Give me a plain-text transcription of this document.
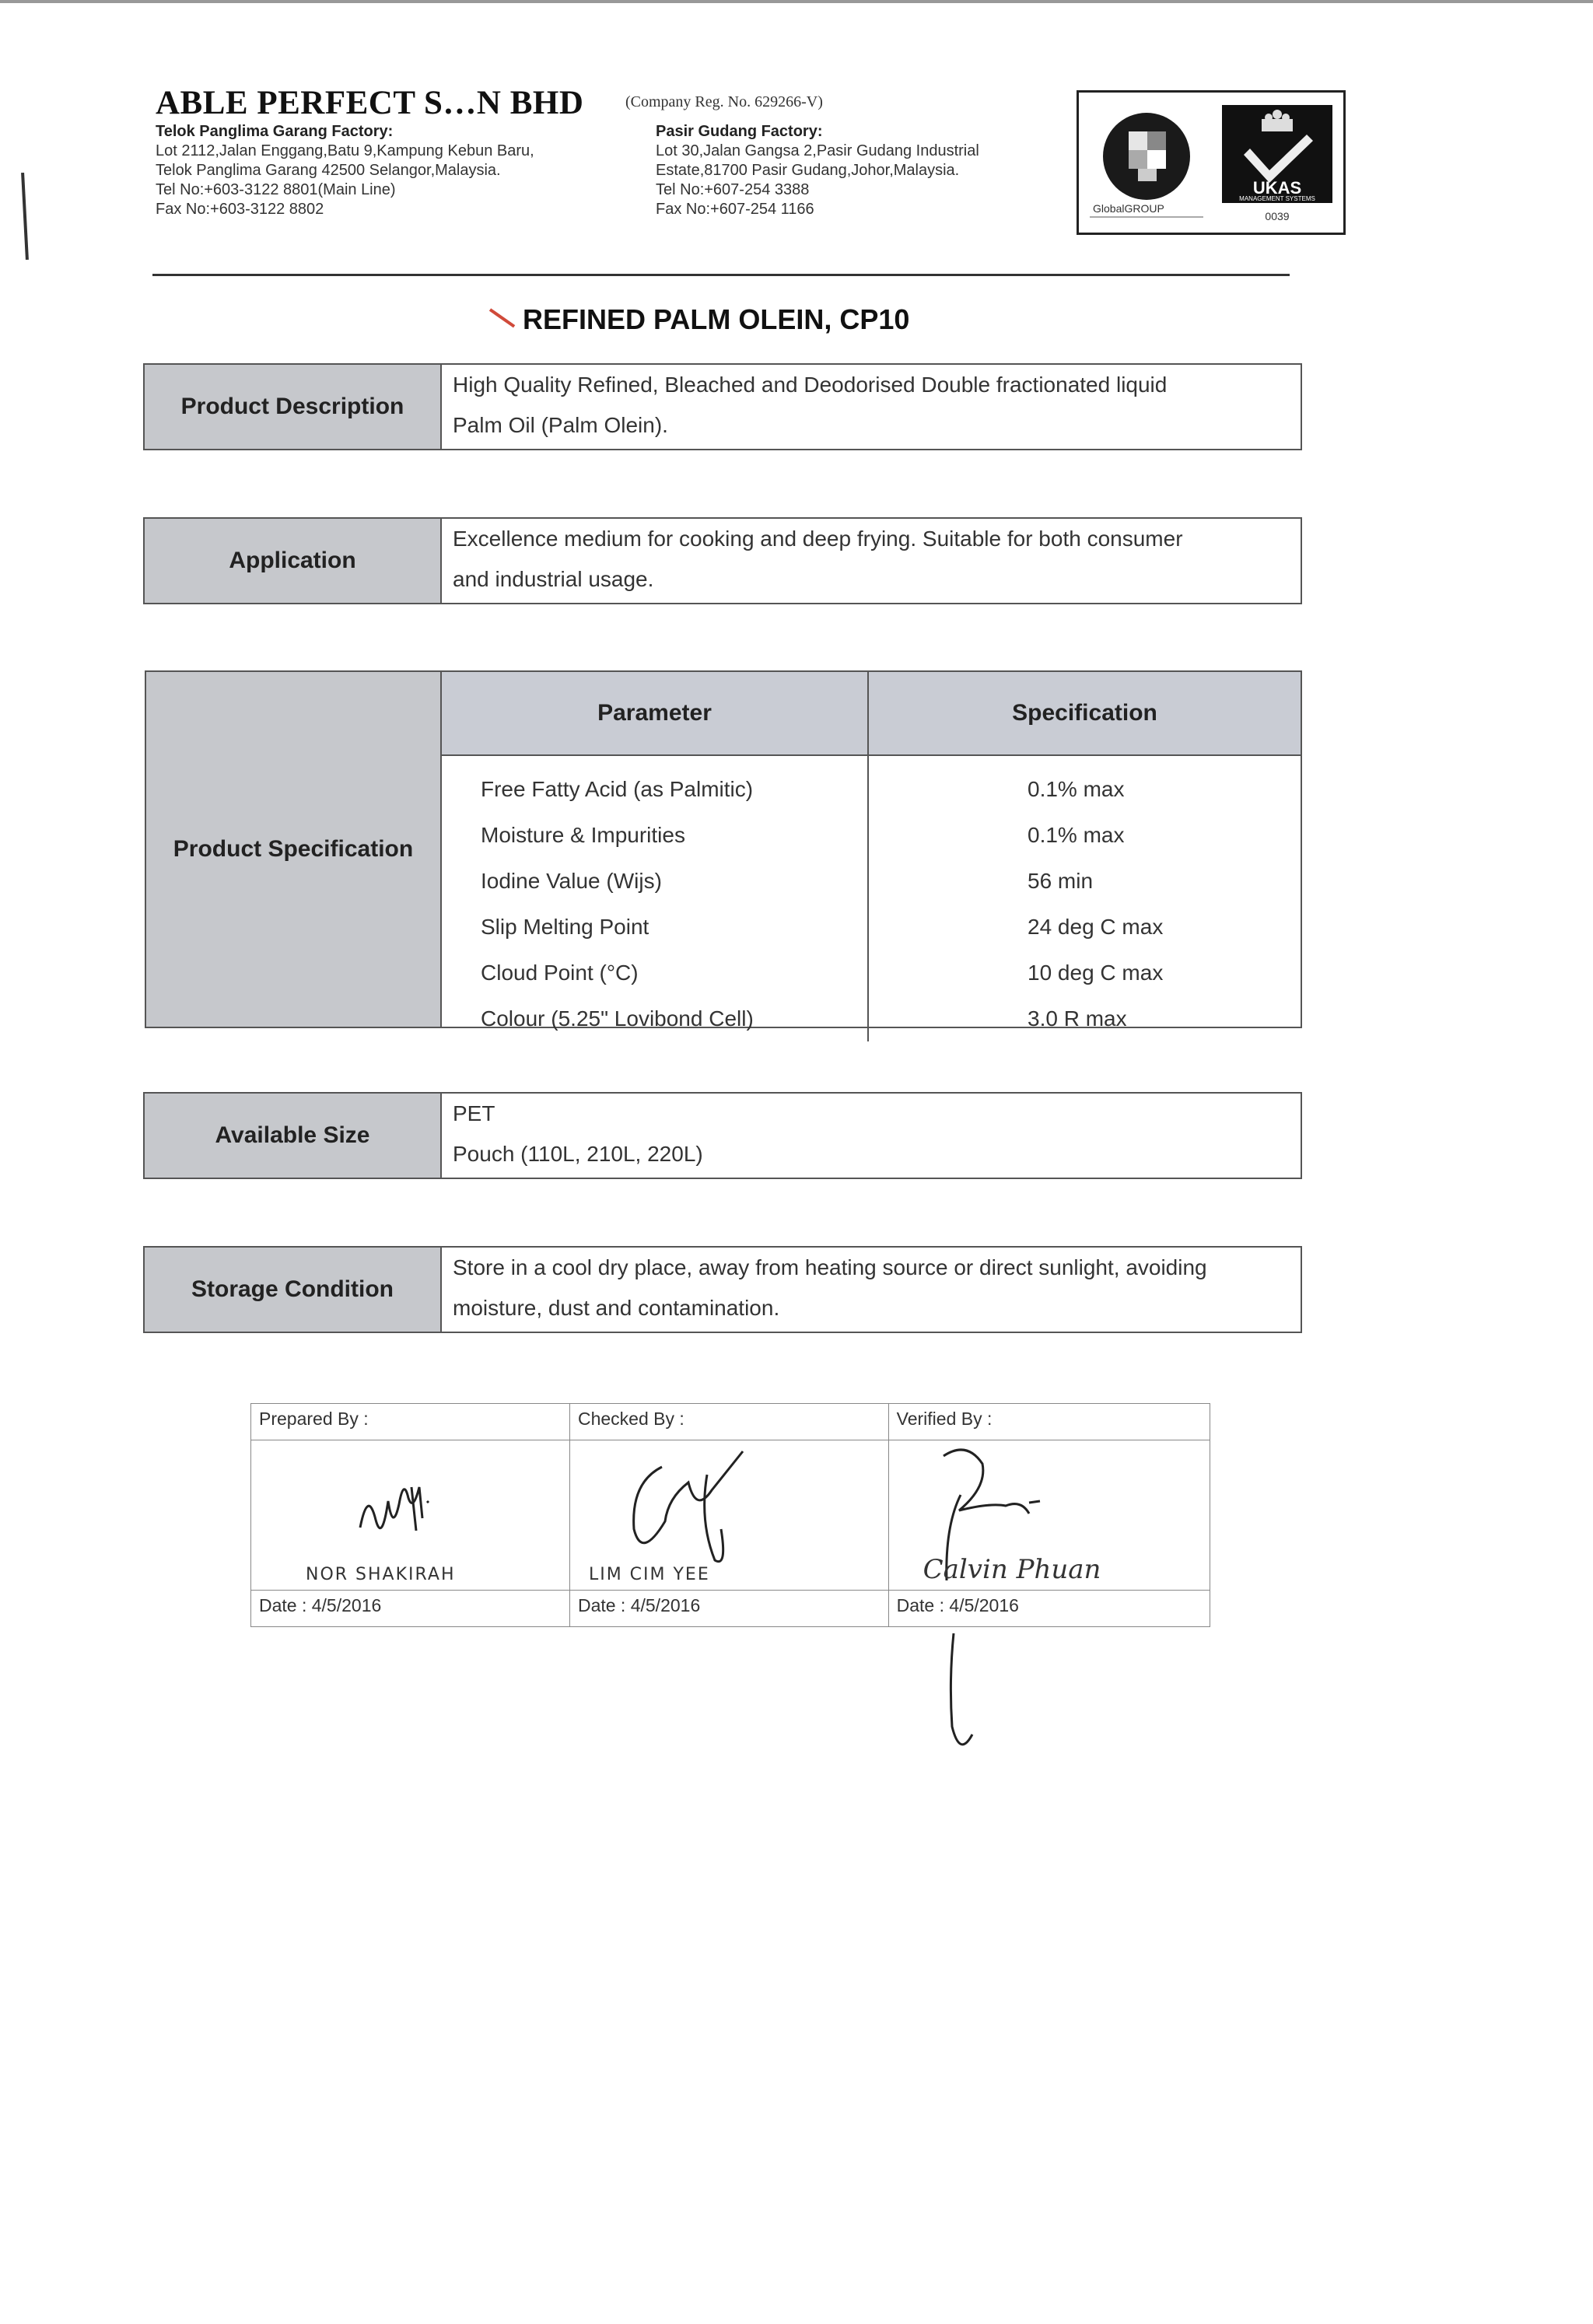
ABLE PERFECT S…N BHD	(Company Reg. No. 629266-V)
Telok Panglima Garang Factory:
Lot 2112,Jalan Enggang,Batu 9,Kampung Kebun Baru,
Telok Panglima Garang 42500 Selangor,Malaysia.
Tel No:+603-3122 8801(Main Line)
Fax No:+603-3122 8802
Pasir Gudang Factory:
Lot 30,Jalan Gangsa 2,Pasir Gudang Industrial
Estate,81700 Pasir Gudang,Johor,Malaysia.
Tel No:+607-254 3388
Fax No:+607-254 1166	GlobalGROUP
UKAS
MANAGEMENT SYSTEMS
0039
REFINED PALM OLEIN, CP10
Product Description
High Quality Refined, Bleached and Deodorised Double fractionated liquid
Palm Oil (Palm Olein).
Application
Excellence medium for cooking and deep frying. Suitable for both consumer
and industrial usage.
Product Specification
Parameter	Specification
Free Fatty Acid (as Palmitic)	0.1% max
Moisture & Impurities	0.1% max
Iodine Value (Wijs)	56 min
Slip Melting Point	24 deg C max
Cloud Point (°C)	10 deg C max
Colour (5.25" Lovibond Cell)	3.0 R max
Available Size
PET
Pouch (110L, 210L, 220L)
Storage Condition
Store in a cool dry place, away from heating source or direct sunlight, avoiding
moisture, dust and contamination.
Prepared By :	Checked By :	Verified By :

NOR SHAKIRAH	LIM CIM YEE	Calvin Phuan

Date : 4/5/2016	Date : 4/5/2016	Date : 4/5/2016
